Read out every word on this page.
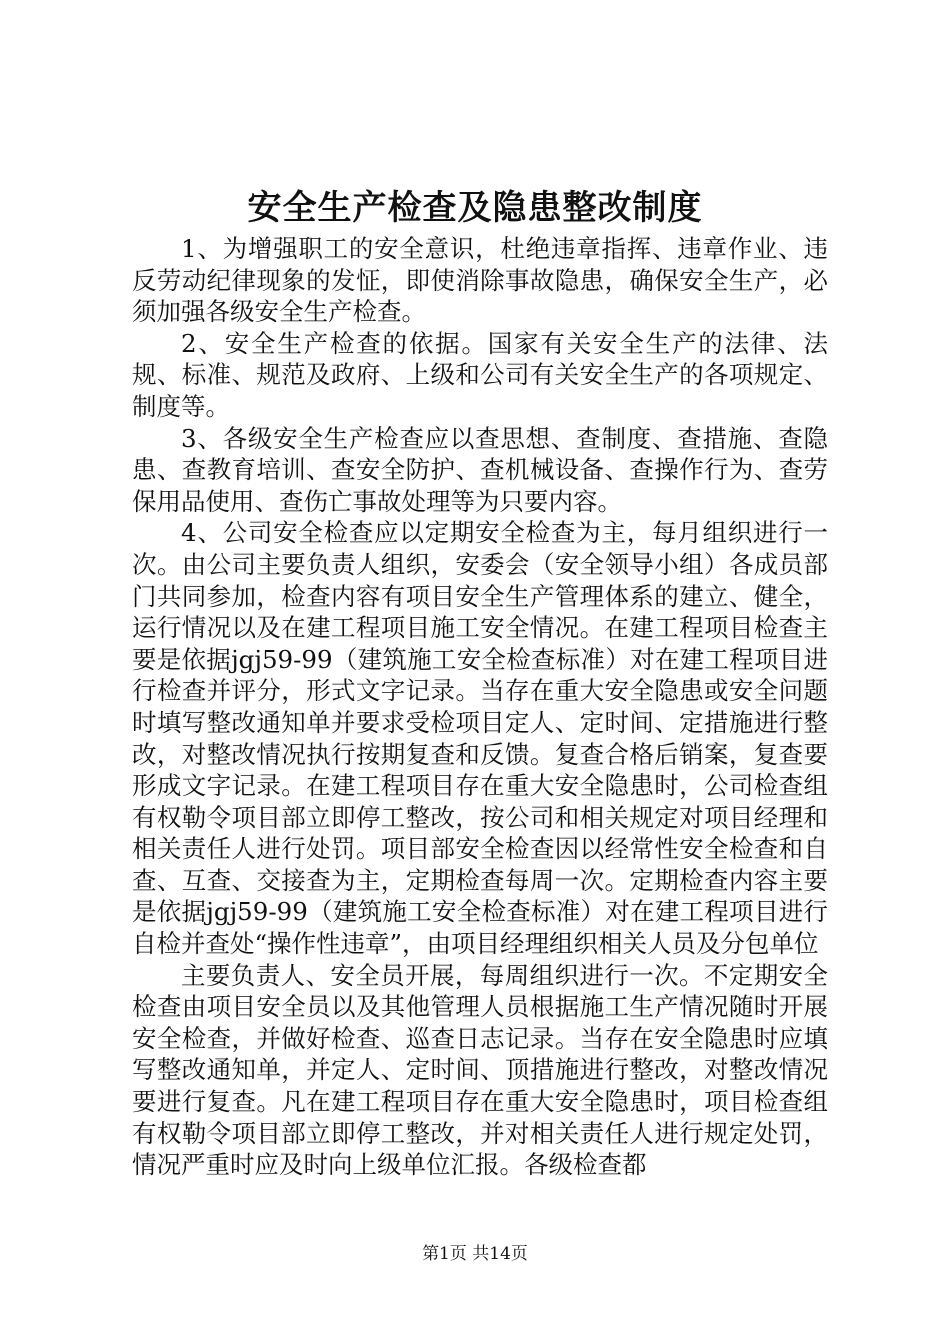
安全生产检查及隐患整改制度

1、为增强职工的安全意识，杜绝违章指挥、违章作业、违反劳动纪律现象的发怔，即使消除事故隐患，确保安全生产，必须加强各级安全生产检查。

2、安全生产检查的依据。国家有关安全生产的法律、法规、标准、规范及政府、上级和公司有关安全生产的各项规定、制度等。

3、各级安全生产检查应以查思想、查制度、查措施、查隐患、查教育培训、查安全防护、查机械设备、查操作行为、查劳保用品使用、查伤亡事故处理等为只要内容。

4、公司安全检查应以定期安全检查为主，每月组织进行一次。由公司主要负责人组织，安委会（安全领导小组）各成员部门共同参加，检查内容有项目安全生产管理体系的建立、健全，运行情况以及在建工程项目施工安全情况。在建工程项目检查主要是依据jgj59-99（建筑施工安全检查标准）对在建工程项目进行检查并评分，形式文字记录。当存在重大安全隐患或安全问题时填写整改通知单并要求受检项目定人、定时间、定措施进行整改，对整改情况执行按期复查和反馈。复查合格后销案，复查要形成文字记录。在建工程项目存在重大安全隐患时，公司检查组有权勒令项目部立即停工整改，按公司和相关规定对项目经理和相关责任人进行处罚。项目部安全检查因以经常性安全检查和自查、互查、交接查为主，定期检查每周一次。定期检查内容主要是依据jgj59-99（建筑施工安全检查标准）对在建工程项目进行自检并查处“操作性违章”，由项目经理组织相关人员及分包单位

主要负责人、安全员开展，每周组织进行一次。不定期安全检查由项目安全员以及其他管理人员根据施工生产情况随时开展安全检查，并做好检查、巡查日志记录。当存在安全隐患时应填写整改通知单，并定人、定时间、顶措施进行整改，对整改情况要进行复查。凡在建工程项目存在重大安全隐患时，项目检查组有权勒令项目部立即停工整改，并对相关责任人进行规定处罚，情况严重时应及时向上级单位汇报。各级检查都

第1页 共14页
